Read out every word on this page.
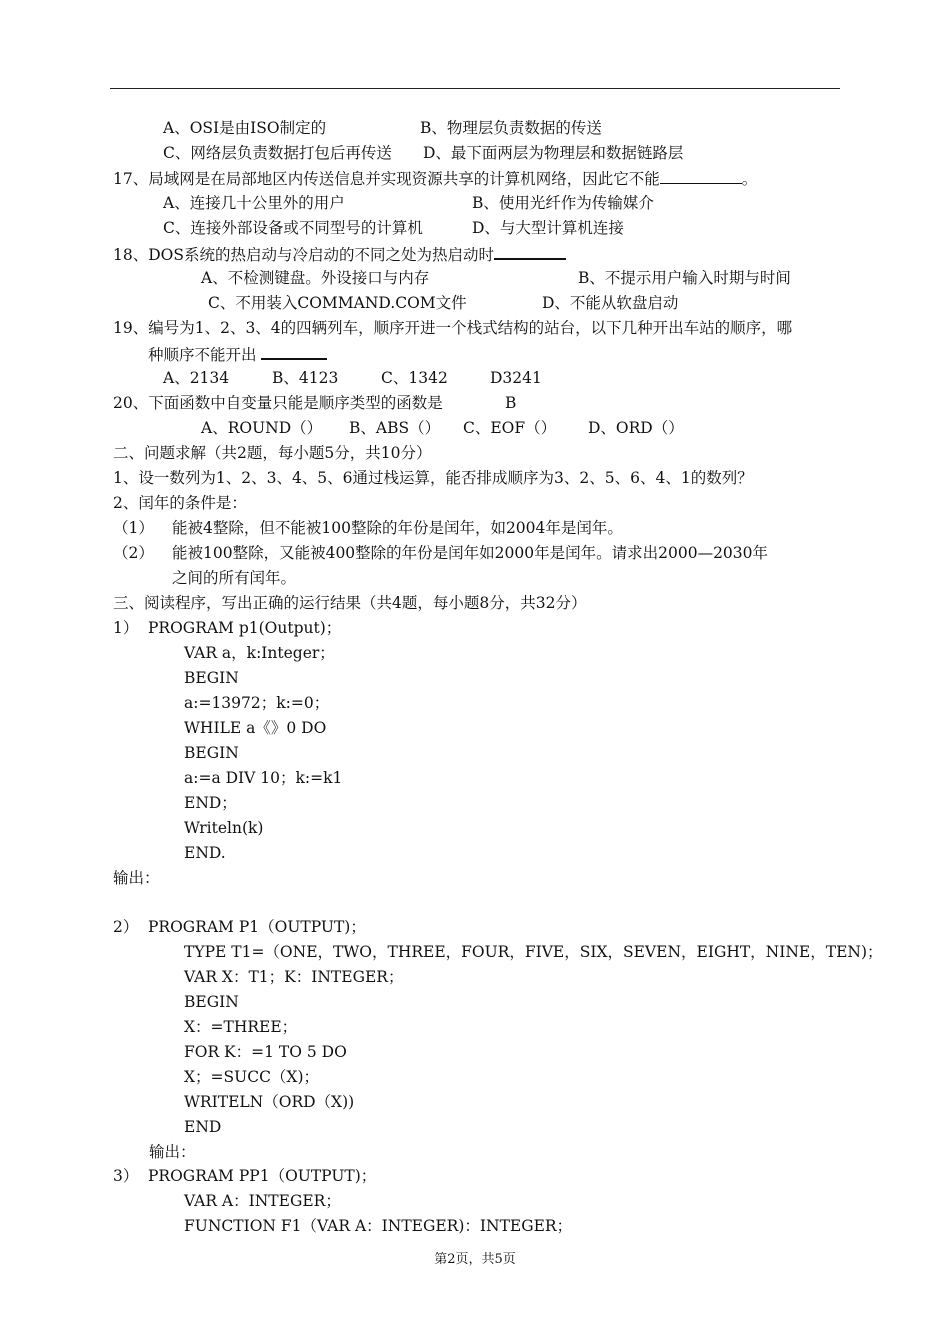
A、OSI是由ISO制定的	B、物理层负责数据的传送
C、网络层负责数据打包后再传送 D、最下面两层为物理层和数据链路层
17、局域网是在局部地区内传送信息并实现资源共享的计算机网络，因此它不能	。
A、连接几十公里外的用户	B、使用光纤作为传输媒介
C、连接外部设备或不同型号的计算机	D、与大型计算机连接
18、DOS系统的热启动与冷启动的不同之处为热启动时
A、不检测键盘。外设接口与内存	B、不提示用户输入时期与时间
C、不用装入COMMAND.COM文件	D、不能从软盘启动
19、编号为1、2、3、4的四辆列车，顺序开进一个栈式结构的站台，以下几种开出车站的顺序，哪
种顺序不能开出
A、2134	B、4123	C、1342	D3241
20、下面函数中自变量只能是顺序类型的函数是	B
A、ROUND（） B、ABS（） C、EOF（） D、ORD（）
二、问题求解（共2题，每小题5分，共10分）
1、设一数列为1、2、3、4、5、6通过栈运算，能否排成顺序为3、2、5、6、4、1的数列？
2、闰年的条件是：
（1） 能被4整除，但不能被100整除的年份是闰年，如2004年是闰年。
（2） 能被100整除，又能被400整除的年份是闰年如2000年是闰年。请求出2000—2030年
之间的所有闰年。
三、阅读程序，写出正确的运行结果（共4题，每小题8分，共32分）
1） PROGRAM p1(Output)；
VAR a，k:Integer；
BEGIN
a:=13972；k:=0；
WHILE a《》0 DO
BEGIN
a:=a DIV 10；k:=k1
END；
Writeln(k)
END.
输出：
2） PROGRAM P1（OUTPUT)；
TYPE T1=（ONE，TWO，THREE，FOUR，FIVE，SIX，SEVEN，EIGHT，NINE，TEN)；
VAR X：T1；K：INTEGER；
BEGIN
X：=THREE；
FOR K：=1 TO 5 DO
X；=SUCC（X)；
WRITELN（ORD（X))
END
输出：
3） PROGRAM PP1（OUTPUT)；
VAR A：INTEGER；
FUNCTION F1（VAR A：INTEGER)：INTEGER；
第2页，共5页
